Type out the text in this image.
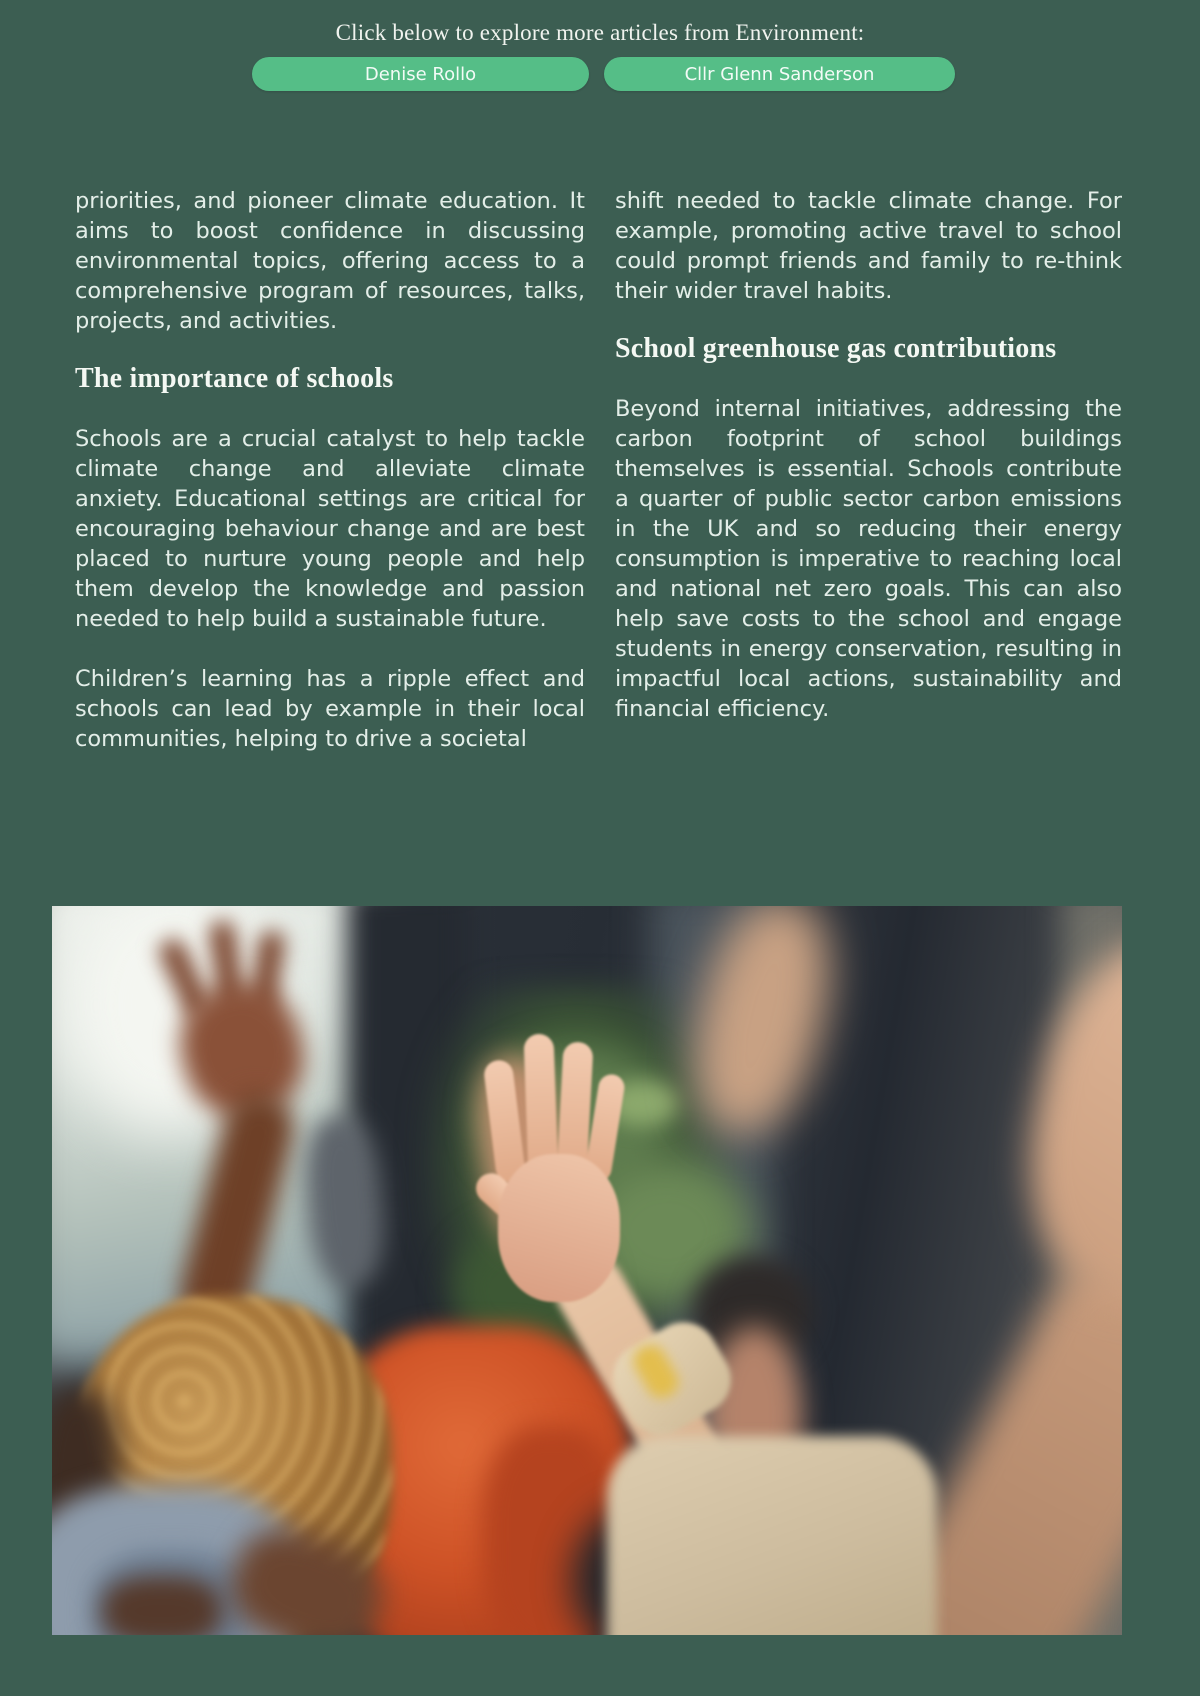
Click below to explore more articles from Environment:
Denise Rollo	Cllr Glenn Sanderson

priorities, and pioneer climate education. It aims to boost confidence in discussing environmental topics, offering access to a comprehensive program of resources, talks, projects, and activities.

The importance of schools

Schools are a crucial catalyst to help tackle climate change and alleviate climate anxiety. Educational settings are critical for encouraging behaviour change and are best placed to nurture young people and help them develop the knowledge and passion needed to help build a sustainable future.

Children’s learning has a ripple effect and schools can lead by example in their local communities, helping to drive a societal

shift needed to tackle climate change. For example, promoting active travel to school could prompt friends and family to re-think their wider travel habits.

School greenhouse gas contributions

Beyond internal initiatives, addressing the carbon footprint of school buildings themselves is essential. Schools contribute a quarter of public sector carbon emissions in the UK and so reducing their energy consumption is imperative to reaching local and national net zero goals. This can also help save costs to the school and engage students in energy conservation, resulting in impactful local actions, sustainability and financial efficiency.
